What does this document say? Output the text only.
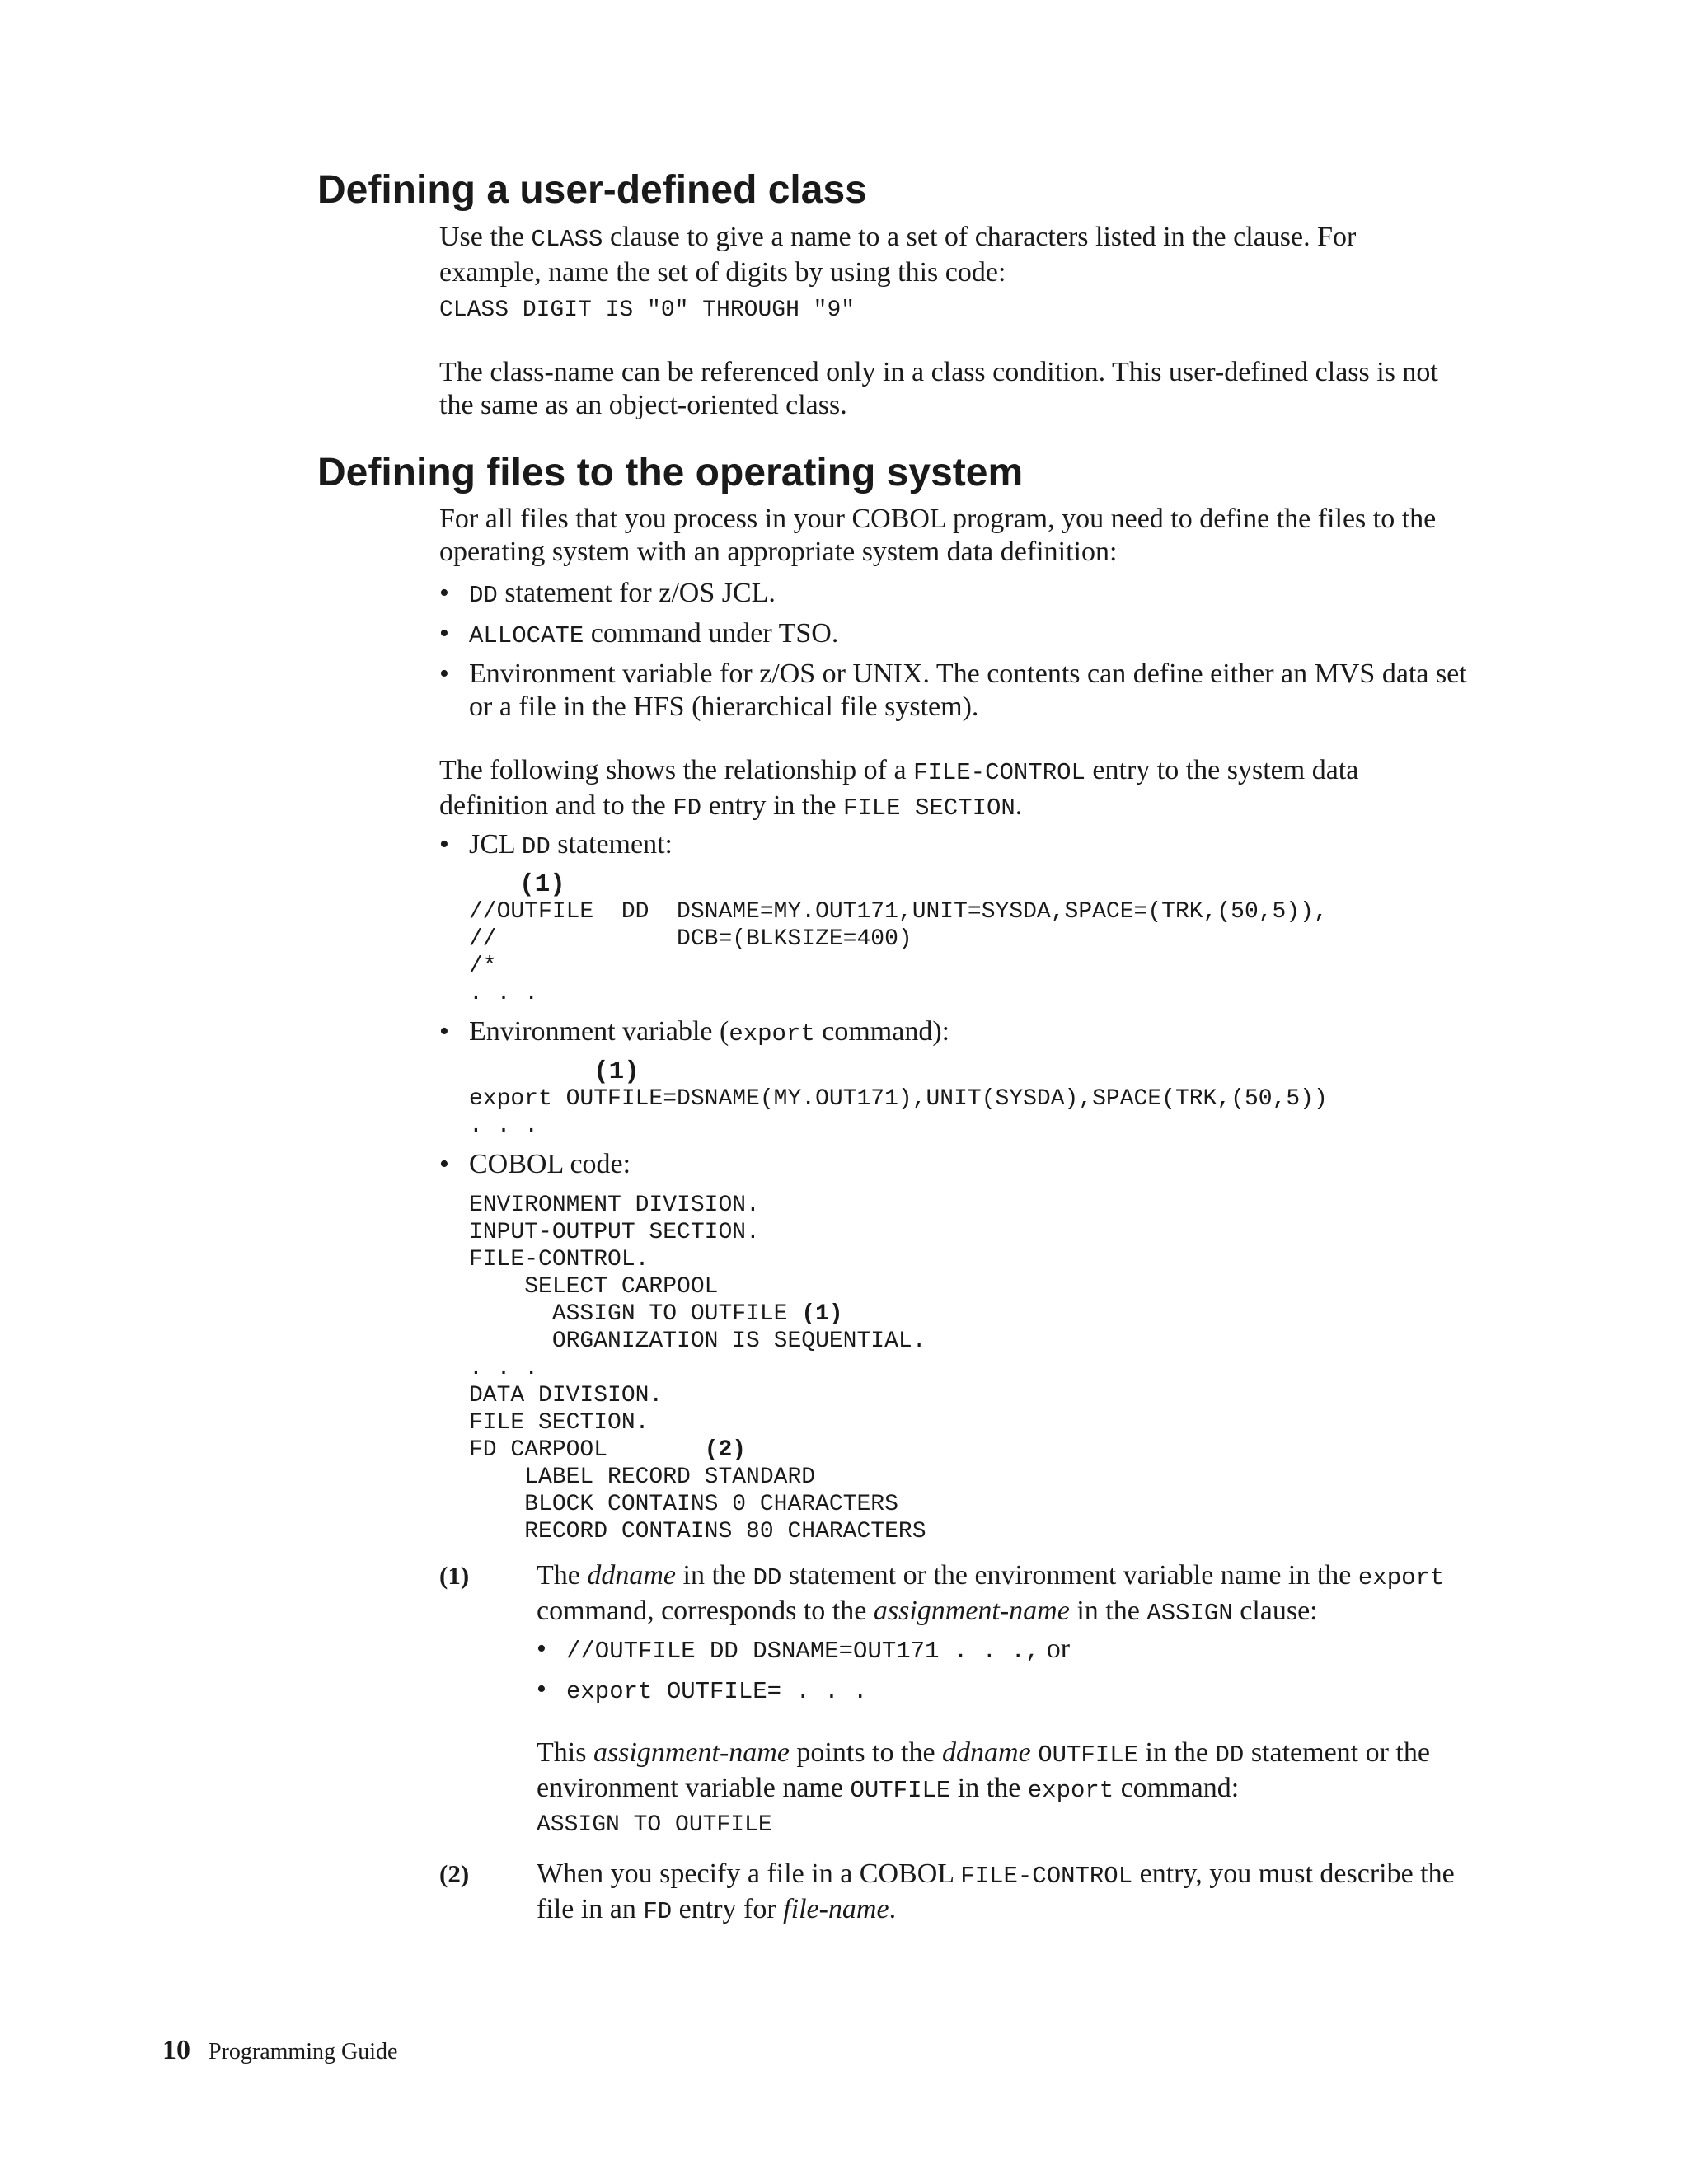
Defining a user-defined class

Use the CLASS clause to give a name to a set of characters listed in the clause. For example, name the set of digits by using this code:

CLASS DIGIT IS "0" THROUGH "9"

The class-name can be referenced only in a class condition. This user-defined class is not the same as an object-oriented class.

Defining files to the operating system

For all files that you process in your COBOL program, you need to define the files to the operating system with an appropriate system data definition:

• DD statement for z/OS JCL.
• ALLOCATE command under TSO.
• Environment variable for z/OS or UNIX. The contents can define either an MVS data set or a file in the HFS (hierarchical file system).

The following shows the relationship of a FILE-CONTROL entry to the system data definition and to the FD entry in the FILE SECTION.

• JCL DD statement:
(1)
//OUTFILE  DD  DSNAME=MY.OUT171,UNIT=SYSDA,SPACE=(TRK,(50,5)),
//             DCB=(BLKSIZE=400)
/*
. . .
• Environment variable (export command):
(1)
export OUTFILE=DSNAME(MY.OUT171),UNIT(SYSDA),SPACE(TRK,(50,5))
. . .
• COBOL code:
ENVIRONMENT DIVISION.
INPUT-OUTPUT SECTION.
FILE-CONTROL.
SELECT CARPOOL
ASSIGN TO OUTFILE (1)
ORGANIZATION IS SEQUENTIAL.
. . .
DATA DIVISION.
FILE SECTION.
FD CARPOOL	(2)
LABEL RECORD STANDARD
BLOCK CONTAINS 0 CHARACTERS
RECORD CONTAINS 80 CHARACTERS
(1) The ddname in the DD statement or the environment variable name in the export command, corresponds to the assignment-name in the ASSIGN clause:

• //OUTFILE DD DSNAME=OUT171 . . ., or
• export OUTFILE= . . .

This assignment-name points to the ddname OUTFILE in the DD statement or the environment variable name OUTFILE in the export command:

ASSIGN TO OUTFILE
(2) When you specify a file in a COBOL FILE-CONTROL entry, you must describe the file in an FD entry for file-name.

10 Programming Guide
